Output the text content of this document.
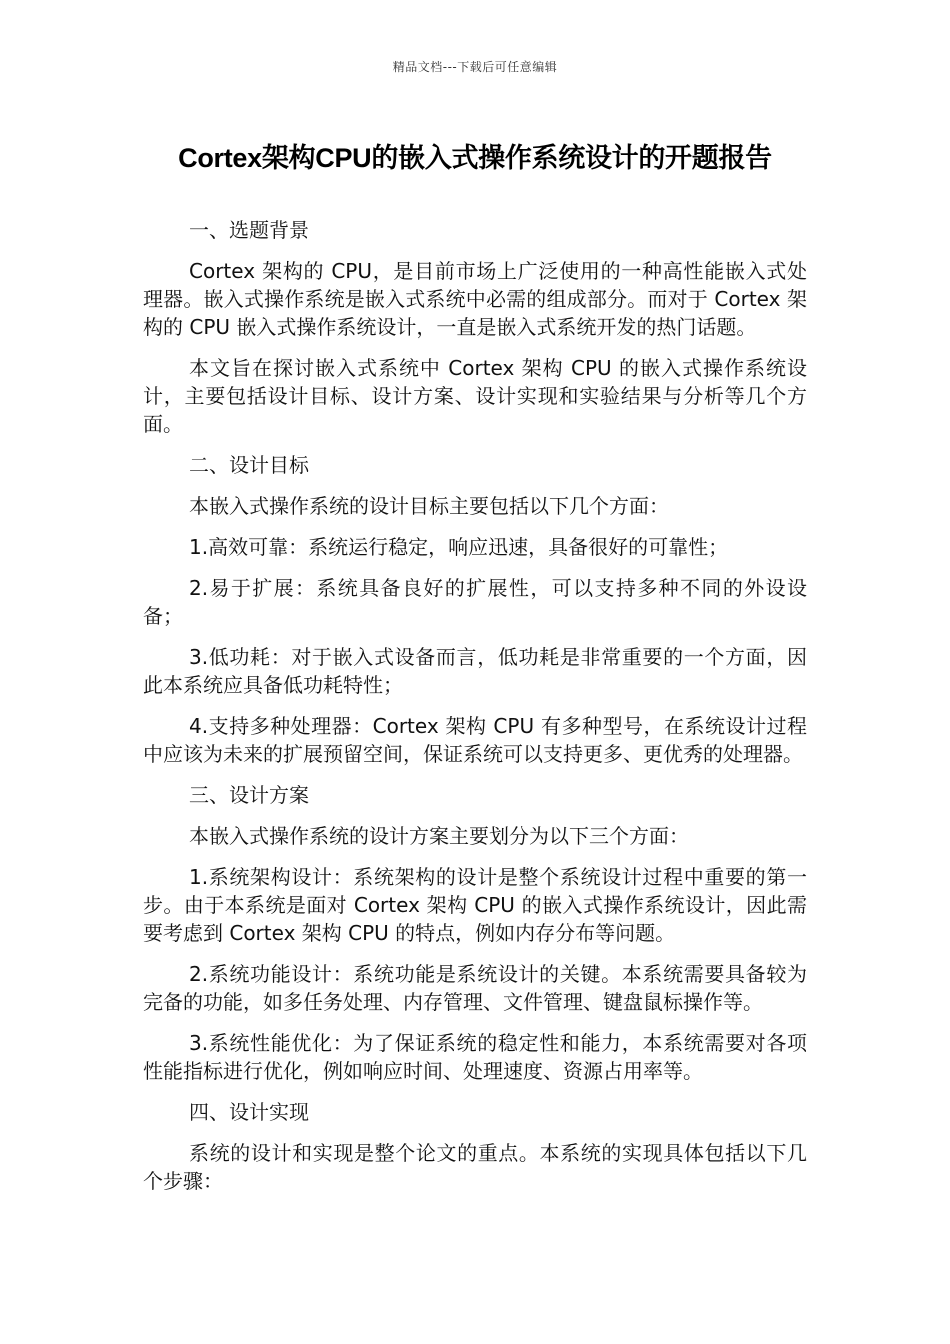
精品文档---下载后可任意编辑
Cortex架构CPU的嵌入式操作系统设计的开题报告

一、选题背景

Cortex 架构的 CPU，是目前市场上广泛使用的一种高性能嵌入式处理器。嵌入式操作系统是嵌入式系统中必需的组成部分。而对于 Cortex 架构的 CPU 嵌入式操作系统设计，一直是嵌入式系统开发的热门话题。

本文旨在探讨嵌入式系统中 Cortex 架构 CPU 的嵌入式操作系统设计，主要包括设计目标、设计方案、设计实现和实验结果与分析等几个方面。

二、设计目标

本嵌入式操作系统的设计目标主要包括以下几个方面：

1.高效可靠：系统运行稳定，响应迅速，具备很好的可靠性；

2.易于扩展：系统具备良好的扩展性，可以支持多种不同的外设设备；

3.低功耗：对于嵌入式设备而言，低功耗是非常重要的一个方面，因此本系统应具备低功耗特性；

4.支持多种处理器：Cortex 架构 CPU 有多种型号，在系统设计过程中应该为未来的扩展预留空间，保证系统可以支持更多、更优秀的处理器。

三、设计方案

本嵌入式操作系统的设计方案主要划分为以下三个方面：

1.系统架构设计：系统架构的设计是整个系统设计过程中重要的第一步。由于本系统是面对 Cortex 架构 CPU 的嵌入式操作系统设计，因此需要考虑到 Cortex 架构 CPU 的特点，例如内存分布等问题。

2.系统功能设计：系统功能是系统设计的关键。本系统需要具备较为完备的功能，如多任务处理、内存管理、文件管理、键盘鼠标操作等。

3.系统性能优化：为了保证系统的稳定性和能力，本系统需要对各项性能指标进行优化，例如响应时间、处理速度、资源占用率等。

四、设计实现

系统的设计和实现是整个论文的重点。本系统的实现具体包括以下几个步骤：
